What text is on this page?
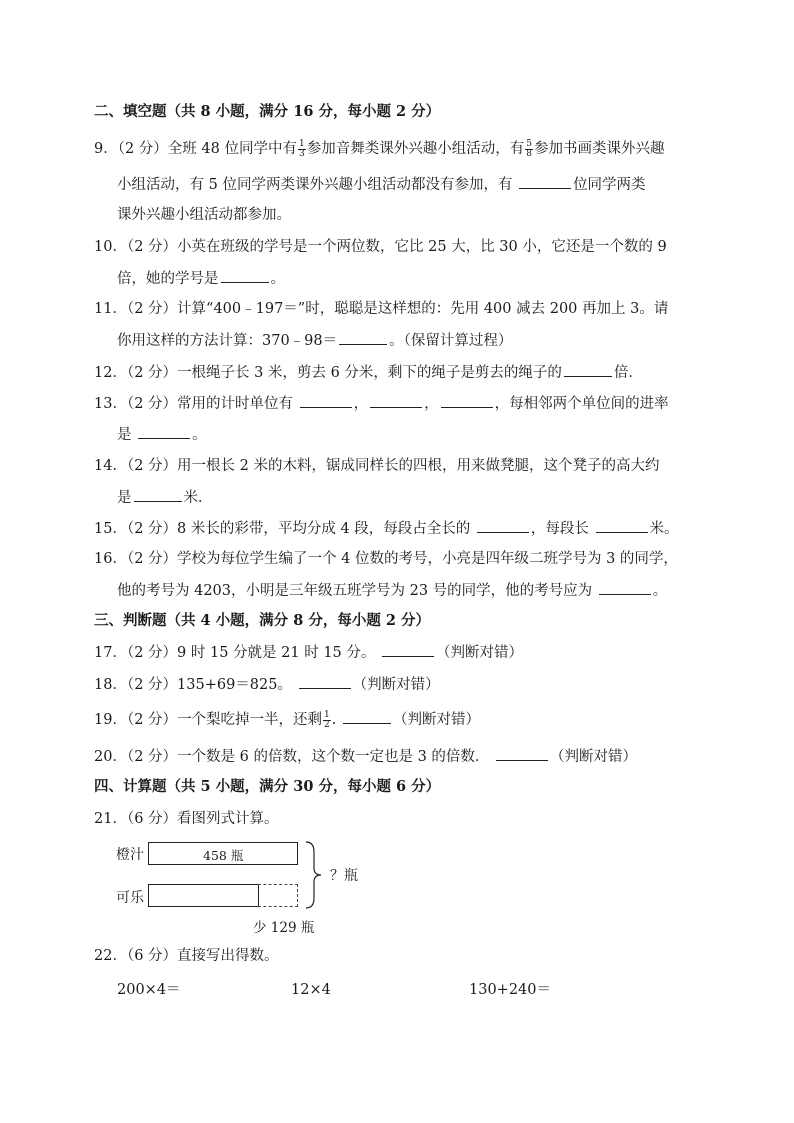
二、填空题（共 8 小题，满分 16 分，每小题 2 分）
9．（2 分）全班 48 位同学中有 $\frac{1}{3}$ 参加音舞类课外兴趣小组活动，有 $\frac{5}{8}$ 参加书画类课外兴趣
小组活动，有 5 位同学两类课外兴趣小组活动都没有参加，有	位同学两类
课外兴趣小组活动都参加。
10．（2 分）小英在班级的学号是一个两位数，它比 25 大，比 30 小，它还是一个数的 9
倍，她的学号是	。
11．（2 分）计算“400﹣197＝”时，聪聪是这样想的：先用 400 减去 200 再加上 3。请
你用这样的方法计算：370﹣98＝	。（保留计算过程）
12．（2 分）一根绳子长 3 米，剪去 6 分米，剩下的绳子是剪去的绳子的	倍．
13．（2 分）常用的计时单位有	，	，	，每相邻两个单位间的进率
是	。
14．（2 分）用一根长 2 米的木料，锯成同样长的四根，用来做凳腿，这个凳子的高大约
是	米．
15．（2 分）8 米长的彩带，平均分成 4 段，每段占全长的	，每段长	米。
16．（2 分）学校为每位学生编了一个 4 位数的考号，小亮是四年级二班学号为 3 的同学，
他的考号为 4203，小明是三年级五班学号为 23 号的同学，他的考号应为	。
三、判断题（共 4 小题，满分 8 分，每小题 2 分）
17．（2 分）9 时 15 分就是 21 时 15 分。	（判断对错）
18．（2 分）135+69＝825。	（判断对错）
19．（2 分）一个梨吃掉一半，还剩 $\frac{1}{2}$ .	（判断对错）
20．（2 分）一个数是 6 的倍数，这个数一定也是 3 的倍数．	（判断对错）
四、计算题（共 5 小题，满分 30 分，每小题 6 分）
21．（6 分）看图列式计算。
橙汁	458 瓶
可乐
？瓶
少 129 瓶
22．（6 分）直接写出得数。
200×4＝	12×4	130+240＝
